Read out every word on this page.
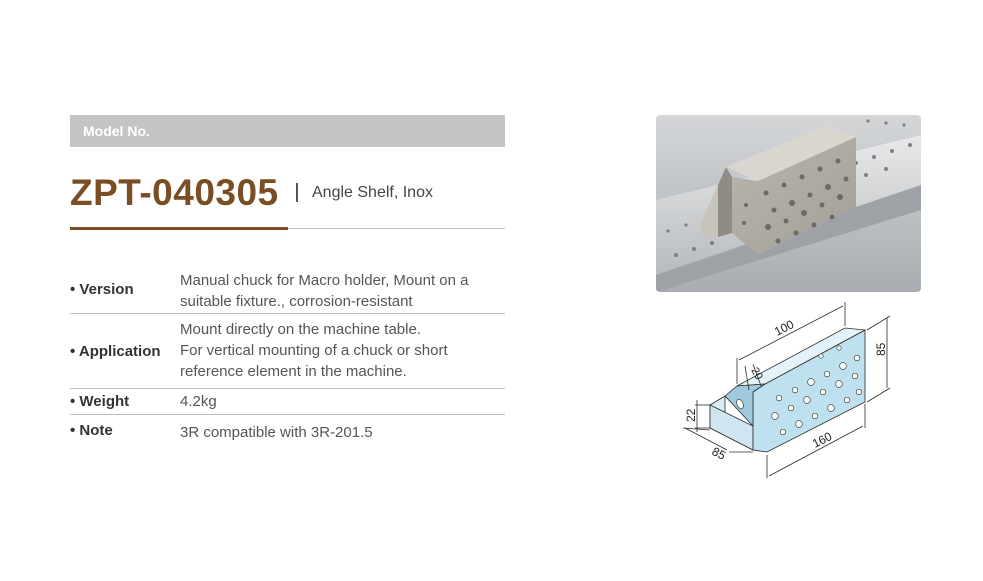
Model No.
ZPT-040305 Angle Shelf, Inox
• Version
Manual chuck for Macro holder, Mount on a
suitable fixture., corrosion-resistant
• Application
Mount directly on the machine table.
For vertical mounting of a chuck or short
reference element in the machine.
• Weight	4.2kg
• Note	3R compatible with 3R-201.5
100
85
160
85
22
20
